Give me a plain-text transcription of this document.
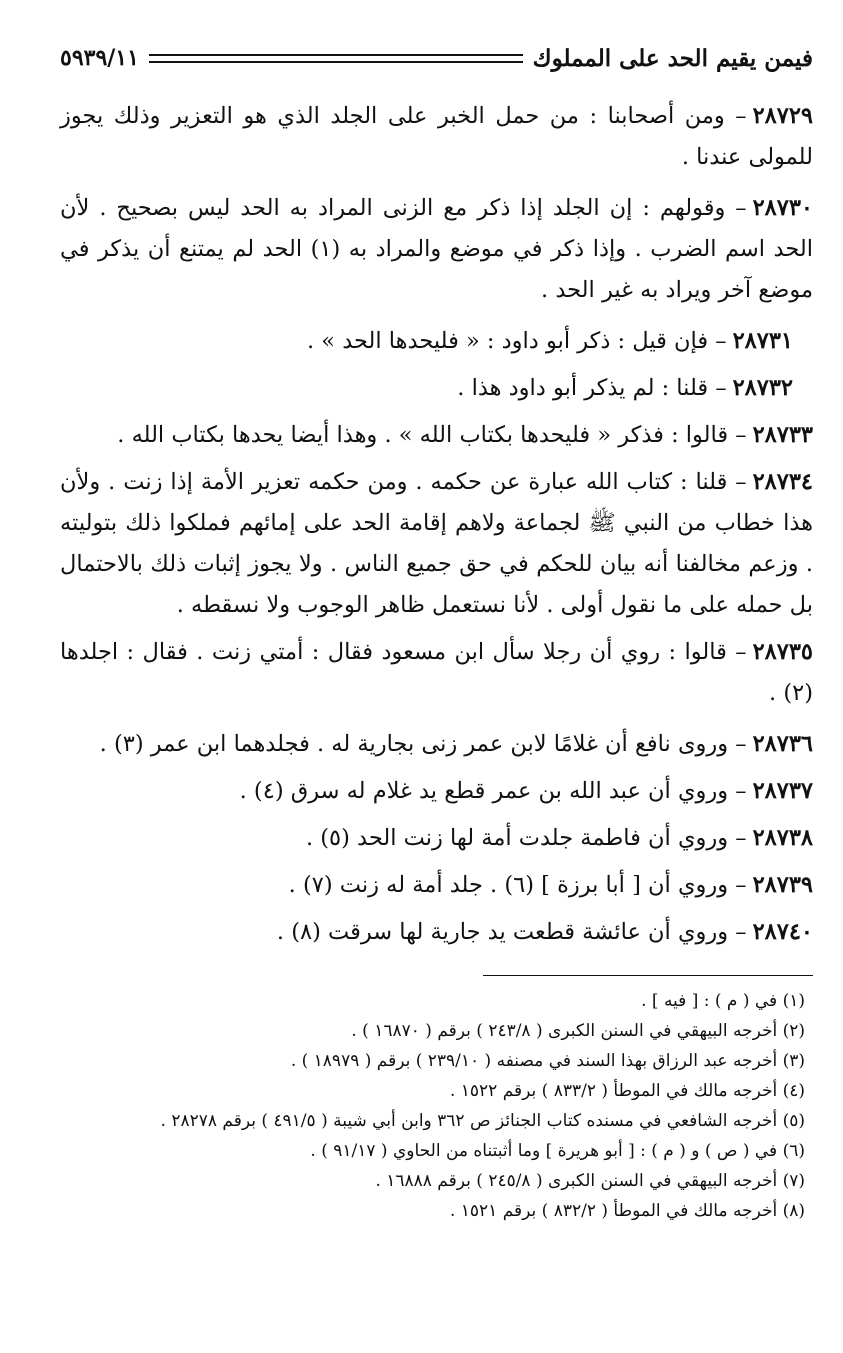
فيمن يقيم الحد على المملوك
٥٩٣٩/١١

٢٨٧٢٩– ومن أصحابنا : من حمل الخبر على الجلد الذي هو التعزير وذلك يجوز للمولى عندنا .

٢٨٧٣٠– وقولهم : إن الجلد إذا ذكر مع الزنى المراد به الحد ليس بصحيح . لأن الحد اسم الضرب . وإذا ذكر في موضع والمراد به (١) الحد لم يمتنع أن يذكر في موضع آخر ويراد به غير الحد .

٢٨٧٣١– فإن قيل : ذكر أبو داود : « فليحدها الحد » .

٢٨٧٣٢– قلنا : لم يذكر أبو داود هذا .

٢٨٧٣٣– قالوا : فذكر « فليحدها بكتاب الله » . وهذا أيضا يحدها بكتاب الله .

٢٨٧٣٤– قلنا : كتاب الله عبارة عن حكمه . ومن حكمه تعزير الأمة إذا زنت . ولأن هذا خطاب من النبي ﷺ لجماعة ولاهم إقامة الحد على إمائهم فملكوا ذلك بتوليته . وزعم مخالفنا أنه بيان للحكم في حق جميع الناس . ولا يجوز إثبات ذلك بالاحتمال بل حمله على ما نقول أولى . لأنا نستعمل ظاهر الوجوب ولا نسقطه .

٢٨٧٣٥– قالوا : روي أن رجلا سأل ابن مسعود فقال : أمتي زنت . فقال : اجلدها (٢) .

٢٨٧٣٦– وروى نافع أن غلامًا لابن عمر زنى بجارية له . فجلدهما ابن عمر (٣) .

٢٨٧٣٧– وروي أن عبد الله بن عمر قطع يد غلام له سرق (٤) .

٢٨٧٣٨– وروي أن فاطمة جلدت أمة لها زنت الحد (٥) .

٢٨٧٣٩– وروي أن [ أبا برزة ] (٦) . جلد أمة له زنت (٧) .

٢٨٧٤٠– وروي أن عائشة قطعت يد جارية لها سرقت (٨) .

(١) في ( م ) : [ فيه ] .

(٢) أخرجه البيهقي في السنن الكبرى ( ٢٤٣/٨ ) برقم ( ١٦٨٧٠ ) .

(٣) أخرجه عبد الرزاق بهذا السند في مصنفه ( ٢٣٩/١٠ ) برقم ( ١٨٩٧٩ ) .

(٤) أخرجه مالك في الموطأ ( ٨٣٣/٢ ) برقم ١٥٢٢ .

(٥) أخرجه الشافعي في مسنده كتاب الجنائز ص ٣٦٢ وابن أبي شيبة ( ٤٩١/٥ ) برقم ٢٨٢٧٨ .

(٦) في ( ص ) و ( م ) : [ أبو هريرة ] وما أثبتناه من الحاوي ( ٩١/١٧ ) .

(٧) أخرجه البيهقي في السنن الكبرى ( ٢٤٥/٨ ) برقم ١٦٨٨٨ .

(٨) أخرجه مالك في الموطأ ( ٨٣٢/٢ ) برقم ١٥٢١ .
